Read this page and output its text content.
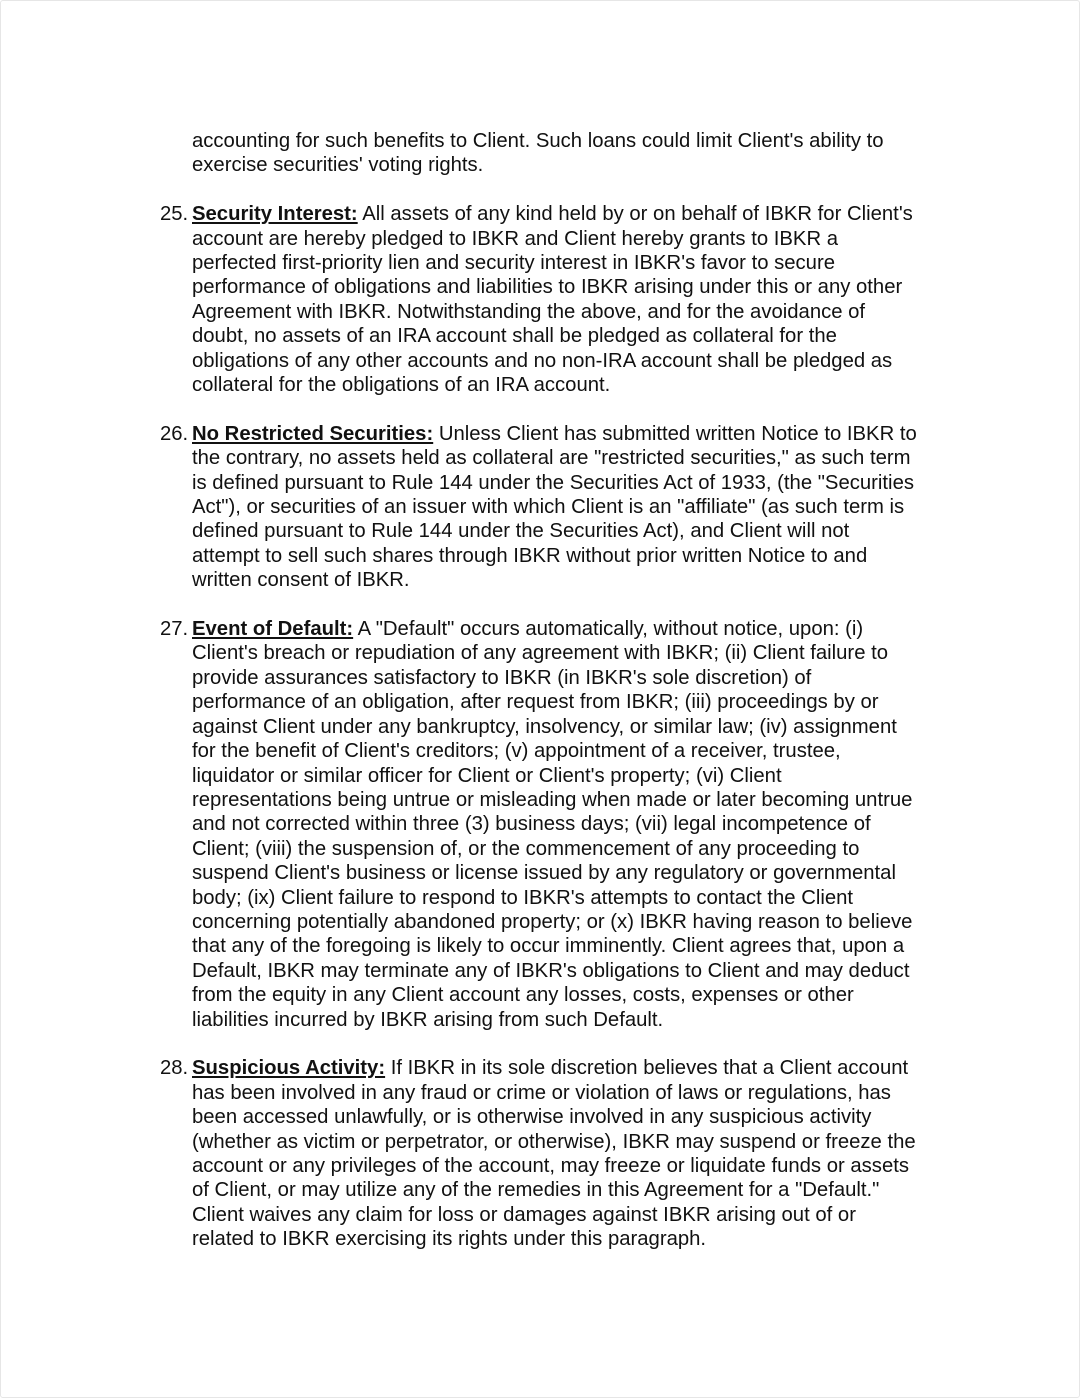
accounting for such benefits to Client. Such loans could limit Client's ability to
exercise securities' voting rights.

25. Security Interest: All assets of any kind held by or on behalf of IBKR for Client's
account are hereby pledged to IBKR and Client hereby grants to IBKR a
perfected first-priority lien and security interest in IBKR's favor to secure
performance of obligations and liabilities to IBKR arising under this or any other
Agreement with IBKR. Notwithstanding the above, and for the avoidance of
doubt, no assets of an IRA account shall be pledged as collateral for the
obligations of any other accounts and no non-IRA account shall be pledged as
collateral for the obligations of an IRA account.

26. No Restricted Securities: Unless Client has submitted written Notice to IBKR to
the contrary, no assets held as collateral are "restricted securities," as such term
is defined pursuant to Rule 144 under the Securities Act of 1933, (the "Securities
Act"), or securities of an issuer with which Client is an "affiliate" (as such term is
defined pursuant to Rule 144 under the Securities Act), and Client will not
attempt to sell such shares through IBKR without prior written Notice to and
written consent of IBKR.

27. Event of Default: A "Default" occurs automatically, without notice, upon: (i)
Client's breach or repudiation of any agreement with IBKR; (ii) Client failure to
provide assurances satisfactory to IBKR (in IBKR's sole discretion) of
performance of an obligation, after request from IBKR; (iii) proceedings by or
against Client under any bankruptcy, insolvency, or similar law; (iv) assignment
for the benefit of Client's creditors; (v) appointment of a receiver, trustee,
liquidator or similar officer for Client or Client's property; (vi) Client
representations being untrue or misleading when made or later becoming untrue
and not corrected within three (3) business days; (vii) legal incompetence of
Client; (viii) the suspension of, or the commencement of any proceeding to
suspend Client's business or license issued by any regulatory or governmental
body; (ix) Client failure to respond to IBKR's attempts to contact the Client
concerning potentially abandoned property; or (x) IBKR having reason to believe
that any of the foregoing is likely to occur imminently. Client agrees that, upon a
Default, IBKR may terminate any of IBKR's obligations to Client and may deduct
from the equity in any Client account any losses, costs, expenses or other
liabilities incurred by IBKR arising from such Default.

28. Suspicious Activity: If IBKR in its sole discretion believes that a Client account
has been involved in any fraud or crime or violation of laws or regulations, has
been accessed unlawfully, or is otherwise involved in any suspicious activity
(whether as victim or perpetrator, or otherwise), IBKR may suspend or freeze the
account or any privileges of the account, may freeze or liquidate funds or assets
of Client, or may utilize any of the remedies in this Agreement for a "Default."
Client waives any claim for loss or damages against IBKR arising out of or
related to IBKR exercising its rights under this paragraph.
